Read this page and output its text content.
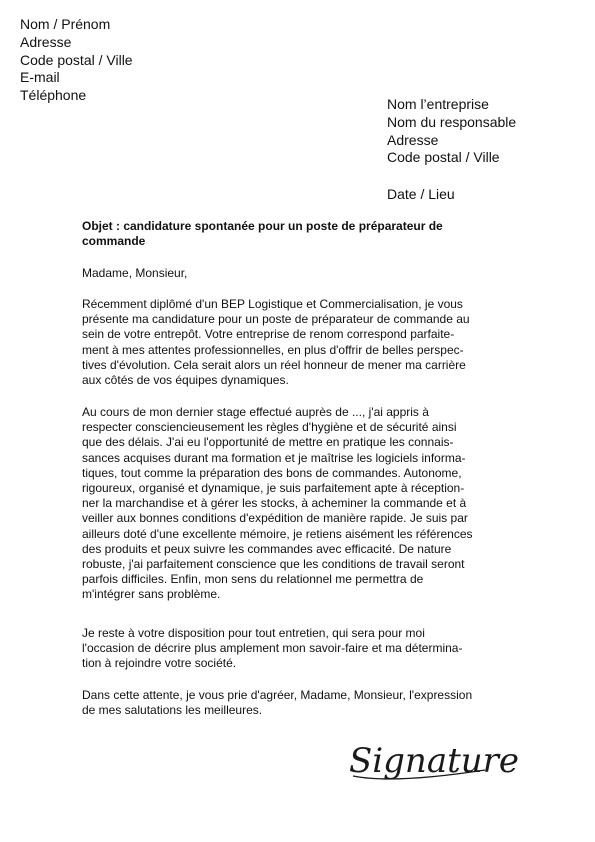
Nom / Prénom
Adresse
Code postal / Ville
E-mail
Téléphone
Nom l’entreprise
Nom du responsable
Adresse
Code postal / Ville
Date / Lieu
Objet : candidature spontanée pour un poste de préparateur de
commande
Madame, Monsieur,
Récemment diplômé d'un BEP Logistique et Commercialisation, je vous
présente ma candidature pour un poste de préparateur de commande au
sein de votre entrepôt. Votre entreprise de renom correspond parfaite-
ment à mes attentes professionnelles, en plus d'offrir de belles perspec-
tives d'évolution. Cela serait alors un réel honneur de mener ma carrière
aux côtés de vos équipes dynamiques.
Au cours de mon dernier stage effectué auprès de ..., j'ai appris à
respecter consciencieusement les règles d'hygiène et de sécurité ainsi
que des délais. J'ai eu l'opportunité de mettre en pratique les connais-
sances acquises durant ma formation et je maîtrise les logiciels informa-
tiques, tout comme la préparation des bons de commandes. Autonome,
rigoureux, organisé et dynamique, je suis parfaitement apte à réception-
ner la marchandise et à gérer les stocks, à acheminer la commande et à
veiller aux bonnes conditions d'expédition de manière rapide. Je suis par
ailleurs doté d'une excellente mémoire, je retiens aisément les références
des produits et peux suivre les commandes avec efficacité. De nature
robuste, j'ai parfaitement conscience que les conditions de travail seront
parfois difficiles. Enfin, mon sens du relationnel me permettra de
m'intégrer sans problème.
Je reste à votre disposition pour tout entretien, qui sera pour moi
l'occasion de décrire plus amplement mon savoir-faire et ma détermina-
tion à rejoindre votre société.
Dans cette attente, je vous prie d'agréer, Madame, Monsieur, l'expression
de mes salutations les meilleures.
Signature
